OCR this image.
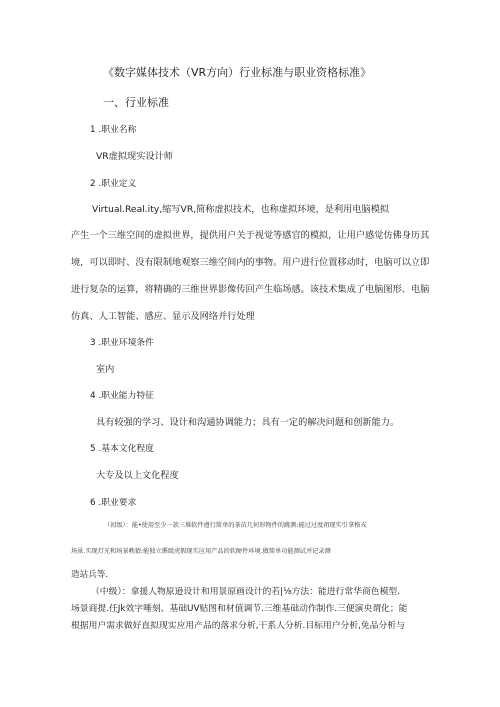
《数字媒体技术（VR方向）行业标准与职业资格标准》
一、行业标准
1 .职业名称
VR虚拟现实设计师
2 .职业定义
Virtual.Real.ity,缩写VR,简称虚拟技术，也称虚拟环境，是利用电脑模拟
产生一个三维空间的虚拟世界，提供用户关于视觉等感官的模拟，让用户感觉仿佛身历其
境，可以即时、没有限制地观察三维空间内的事物。用户进行位置移动时，电脑可以立即
进行复杂的运算，将精确的三维世界影像传回产生临场感。该技术集成了电脑图形、电脑
仿真、人工智能、感应、显示及网络并行处理
3 .职业环境条件
室内
4 .职业能力特征
具有较强的学习、设计和沟通协调能力；具有一定的解决问题和创新能力。
5 .基本文化程度
大专及以上文化程度
6 .职业要求
（初级）：能•使用至少一款三堆软件遵行简单的茶苗几何形物件的跳测:能过过度祖现实引拿格戎
场景.实现灯光和场景帙猜:能独立循级虎假现实应用产品的软硬件环境.做简单功能测试并记录测
造站兵等.
（中级）：拿援人物原逊设计和用景原画设计的若|⅛方法：能进行常华商色模型.
场景商提.任Jk效字唾刻、基础UV贴图和材值调节.三维基础动作制作.三便演央谓化；能
根据用户需求做好直拟现实应用产品的落求分析,干系人分析.目标用户分析,免品分析与
